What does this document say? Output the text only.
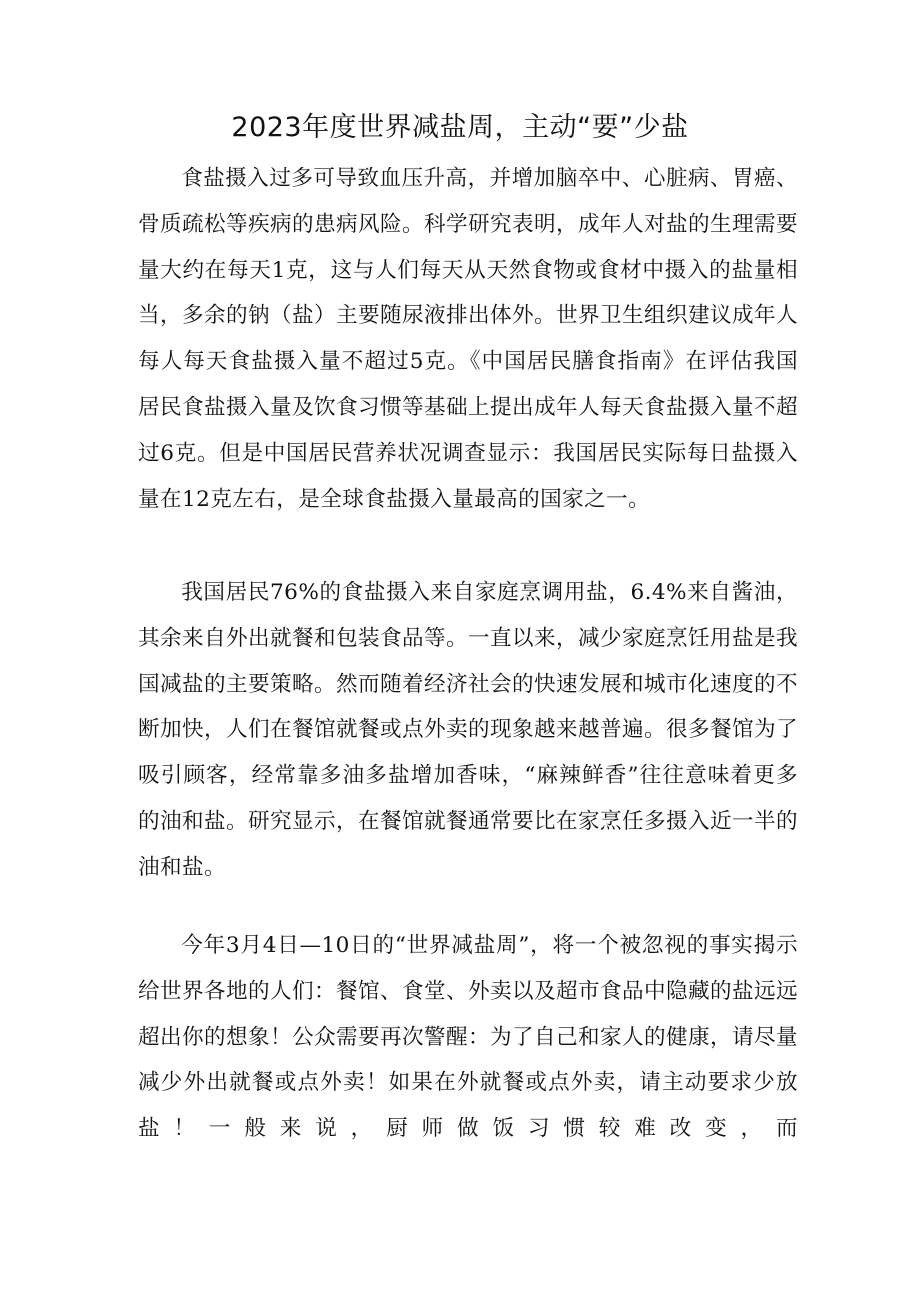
2023年度世界减盐周，主动“要”少盐

食盐摄入过多可导致血压升高，并增加脑卒中、心脏病、胃癌、骨质疏松等疾病的患病风险。科学研究表明，成年人对盐的生理需要量大约在每天1克，这与人们每天从天然食物或食材中摄入的盐量相当，多余的钠（盐）主要随尿液排出体外。世界卫生组织建议成年人每人每天食盐摄入量不超过5克。《中国居民膳食指南》在评估我国居民食盐摄入量及饮食习惯等基础上提出成年人每天食盐摄入量不超过6克。但是中国居民营养状况调查显示：我国居民实际每日盐摄入量在12克左右，是全球食盐摄入量最高的国家之一。

我国居民76%的食盐摄入来自家庭烹调用盐，6.4%来自酱油，其余来自外出就餐和包装食品等。一直以来，减少家庭烹饪用盐是我国减盐的主要策略。然而随着经济社会的快速发展和城市化速度的不断加快，人们在餐馆就餐或点外卖的现象越来越普遍。很多餐馆为了吸引顾客，经常靠多油多盐增加香味，“麻辣鲜香”往往意味着更多的油和盐。研究显示，在餐馆就餐通常要比在家烹任多摄入近一半的油和盐。

今年3月4日—10日的“世界减盐周”，将一个被忽视的事实揭示给世界各地的人们：餐馆、食堂、外卖以及超市食品中隐藏的盐远远超出你的想象！公众需要再次警醒：为了自己和家人的健康，请尽量减少外出就餐或点外卖！如果在外就餐或点外卖，请主动要求少放盐！一般来说，厨师做饭习惯较难改变，而
